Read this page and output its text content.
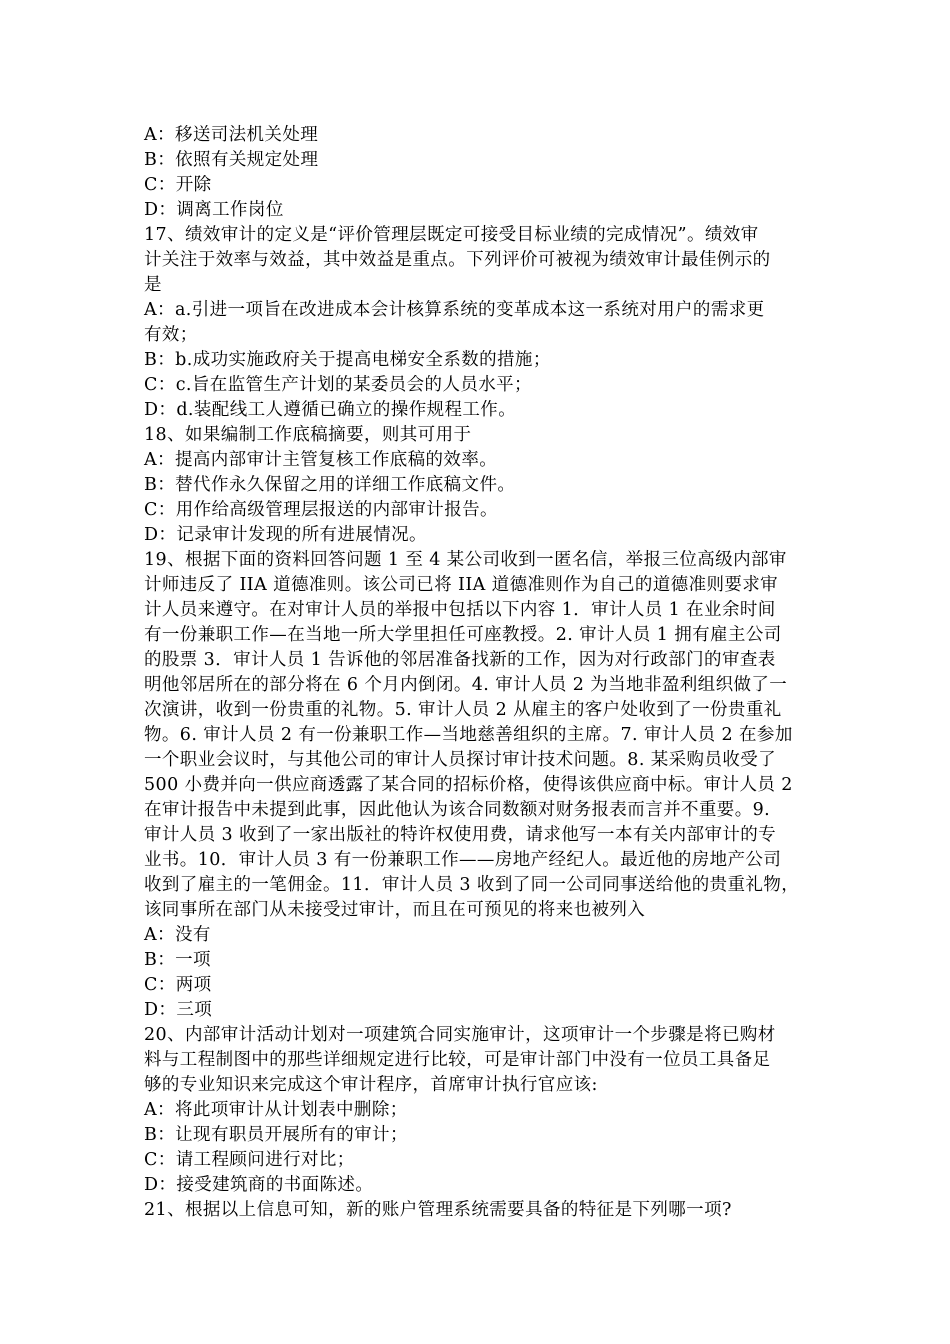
A：移送司法机关处理
B：依照有关规定处理
C：开除
D：调离工作岗位
17、绩效审计的定义是“评价管理层既定可接受目标业绩的完成情况”。绩效审
计关注于效率与效益，其中效益是重点。下列评价可被视为绩效审计最佳例示的
是
A：a.引进一项旨在改进成本会计核算系统的变革成本这一系统对用户的需求更
有效；
B：b.成功实施政府关于提高电梯安全系数的措施；
C：c.旨在监管生产计划的某委员会的人员水平；
D：d.装配线工人遵循已确立的操作规程工作。
18、如果编制工作底稿摘要，则其可用于
A：提高内部审计主管复核工作底稿的效率。
B：替代作永久保留之用的详细工作底稿文件。
C：用作给高级管理层报送的内部审计报告。
D：记录审计发现的所有进展情况。
19、根据下面的资料回答问题 1 至 4 某公司收到一匿名信，举报三位高级内部审
计师违反了 IIA 道德准则。该公司已将 IIA 道德准则作为自己的道德准则要求审
计人员来遵守。在对审计人员的举报中包括以下内容 1．审计人员 1 在业余时间
有一份兼职工作—在当地一所大学里担任可座教授。2. 审计人员 1 拥有雇主公司
的股票 3．审计人员 1 告诉他的邻居准备找新的工作，因为对行政部门的审查表
明他邻居所在的部分将在 6 个月内倒闭。4. 审计人员 2 为当地非盈利组织做了一
次演讲，收到一份贵重的礼物。5. 审计人员 2 从雇主的客户处收到了一份贵重礼
物。6. 审计人员 2 有一份兼职工作—当地慈善组织的主席。7. 审计人员 2 在参加
一个职业会议时，与其他公司的审计人员探讨审计技术问题。8. 某采购员收受了
500 小费并向一供应商透露了某合同的招标价格，使得该供应商中标。审计人员 2
在审计报告中未提到此事，因此他认为该合同数额对财务报表而言并不重要。9.
审计人员 3 收到了一家出版社的特许权使用费，请求他写一本有关内部审计的专
业书。10．审计人员 3 有一份兼职工作——房地产经纪人。最近他的房地产公司
收到了雇主的一笔佣金。11．审计人员 3 收到了同一公司同事送给他的贵重礼物，
该同事所在部门从未接受过审计，而且在可预见的将来也被列入
A：没有
B：一项
C：两项
D：三项
20、内部审计活动计划对一项建筑合同实施审计，这项审计一个步骤是将已购材
料与工程制图中的那些详细规定进行比较，可是审计部门中没有一位员工具备足
够的专业知识来完成这个审计程序，首席审计执行官应该:
A：将此项审计从计划表中删除；
B：让现有职员开展所有的审计；
C：请工程顾问进行对比；
D：接受建筑商的书面陈述。
21、根据以上信息可知，新的账户管理系统需要具备的特征是下列哪一项?
